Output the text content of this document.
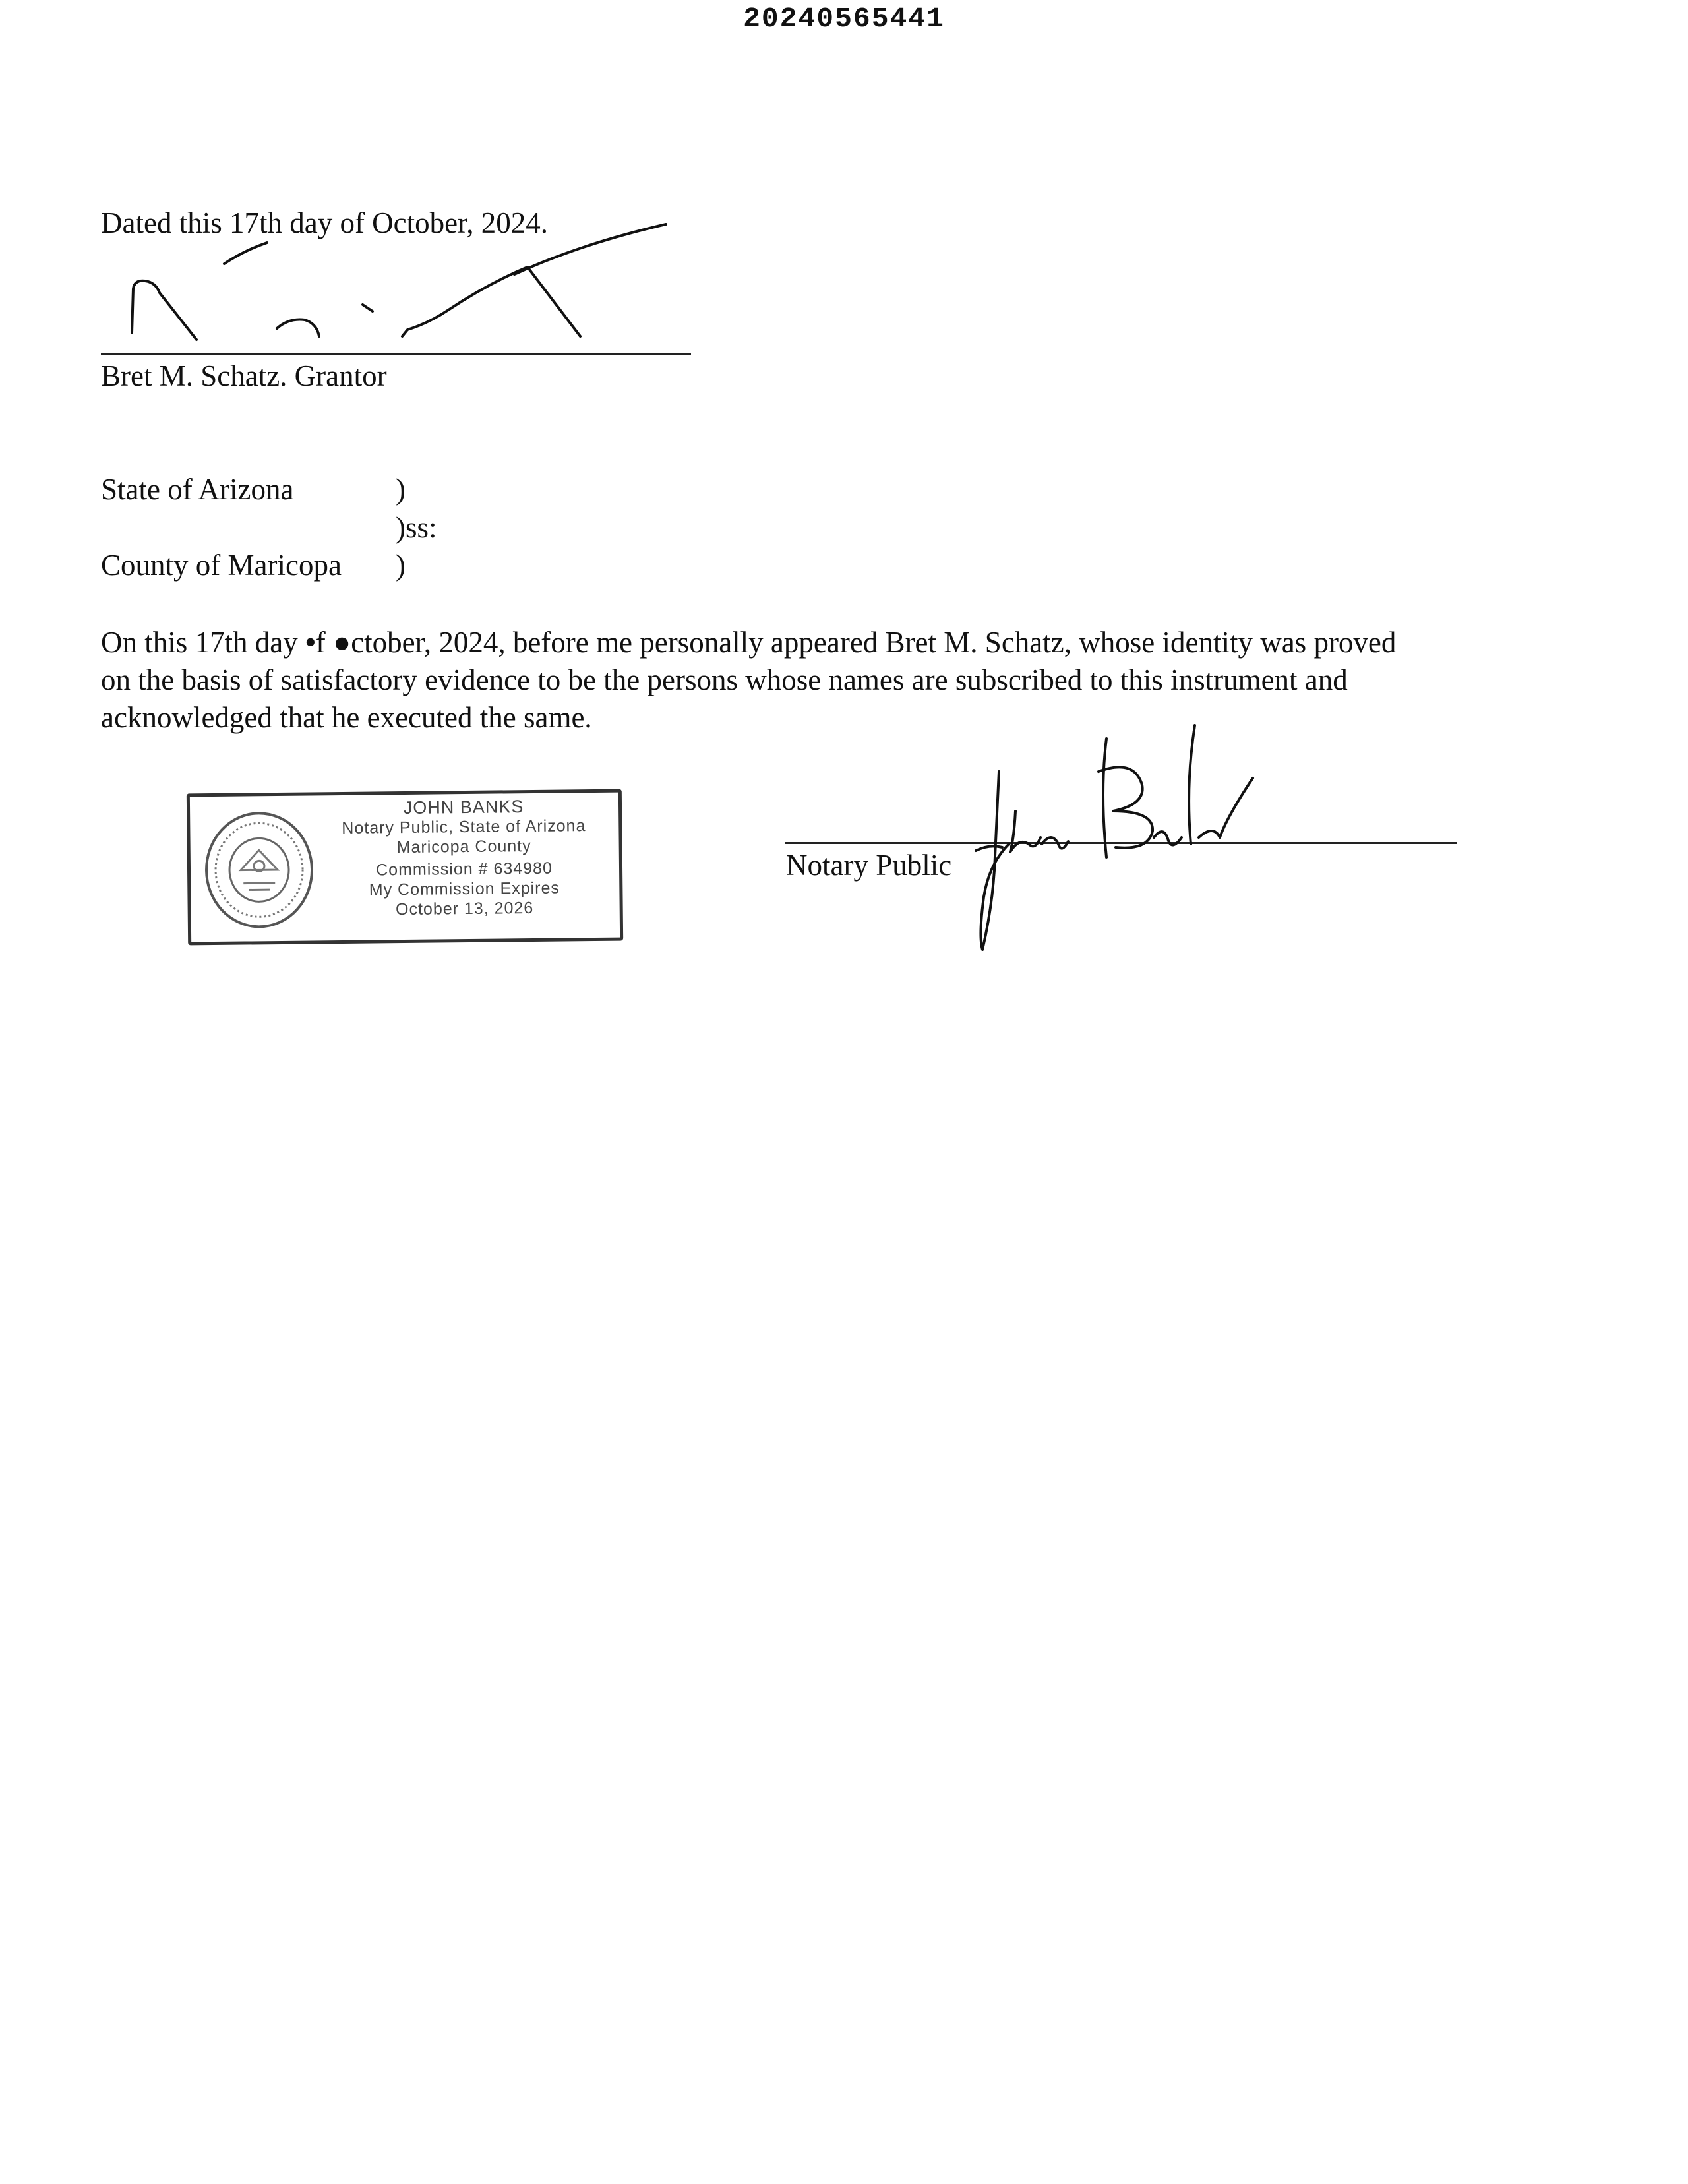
20240565441
Dated this 17th day of October, 2024.
Bret M. Schatz. Grantor
State of Arizona	)
)ss:
County of Maricopa )
On this 17th day •f ●ctober, 2024, before me personally appeared Bret M. Schatz, whose identity was proved
on the basis of satisfactory evidence to be the persons whose names are subscribed to this instrument and
acknowledged that he executed the same.
JOHN BANKS
Notary Public, State of Arizona
Maricopa County
Commission # 634980
My Commission Expires
October 13, 2026
Notary Public
